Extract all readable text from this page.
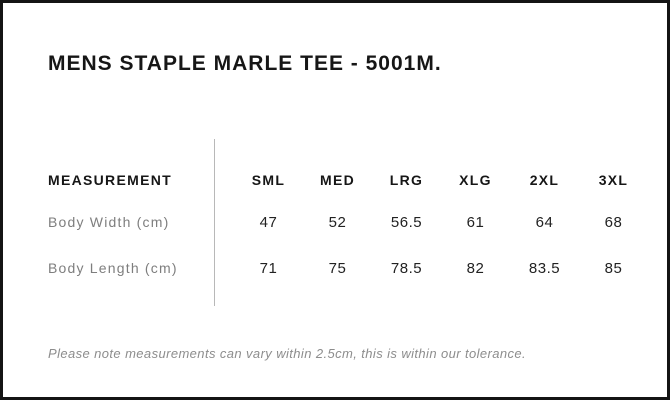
MENS STAPLE MARLE TEE - 5001M.
MEASUREMENT	SML	MED	LRG	XLG	2XL	3XL
Body Width (cm)	47	52	56.5	61	64	68
Body Length (cm)	71	75	78.5	82	83.5	85

Please note measurements can vary within 2.5cm, this is within our tolerance.
